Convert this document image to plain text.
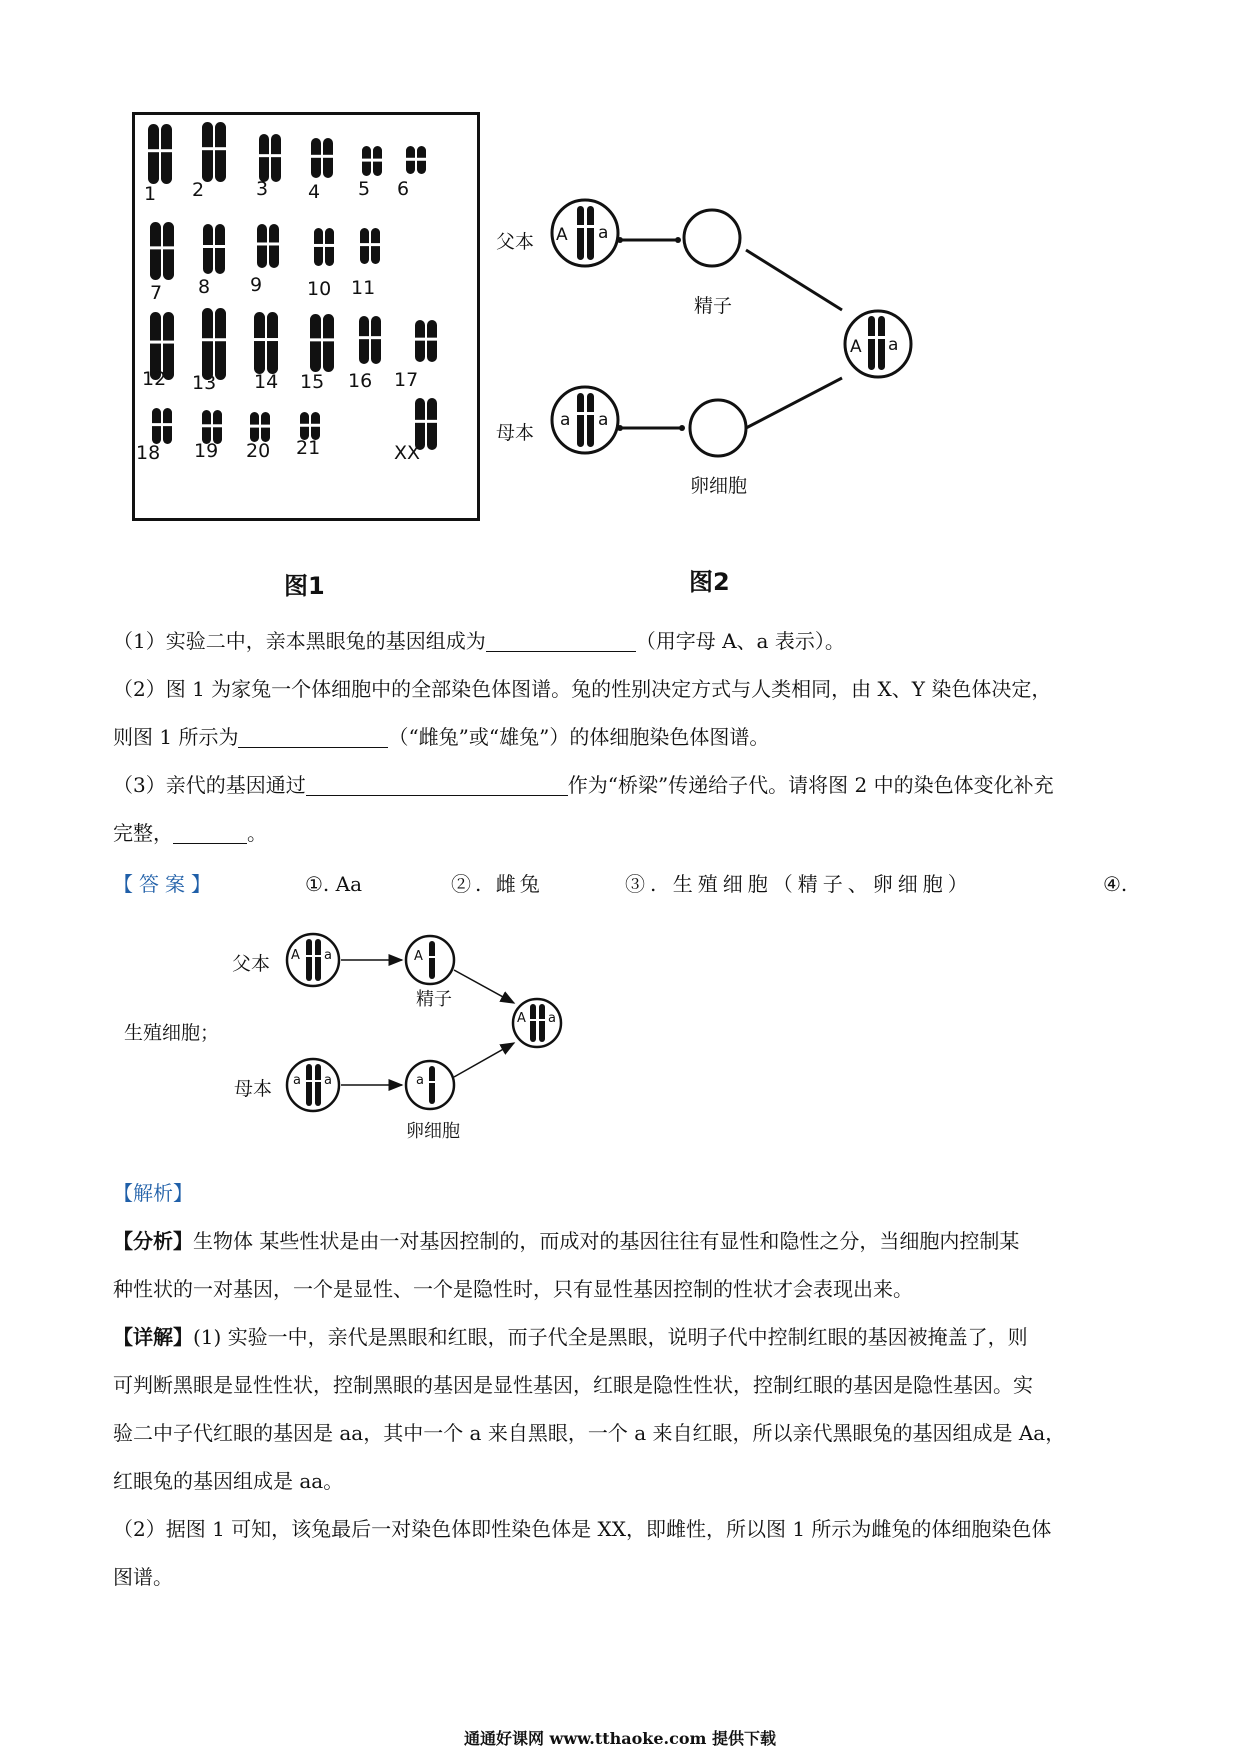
1 2	3 4 5 6
7 8 9 10 11
12 13 14 15 16 17
18 19 20 21	XX
图1
A a
A a
a a
父本
母本
精子
卵细胞
图2
（1）实验二中，亲本黑眼兔的基因组成为	（用字母 A、a 表示）。
（2）图 1 为家兔一个体细胞中的全部染色体图谱。兔的性别决定方式与人类相同，由 X、Y 染色体决定，
则图 1 所示为	（“雌兔”或“雄兔”）的体细胞染色体图谱。
（3）亲代的基因通过	作为“桥梁”传递给子代。请将图 2 中的染色体变化补充
完整，	。
【答案】	①. Aa	②. 雌兔	③. 生殖细胞（精子、卵细胞）	④.
父本
生殖细胞；
母本
精子
卵细胞
A a	A
A a
a a	a
【解析】
【分析】生物体 某些性状是由一对基因控制的，而成对的基因往往有显性和隐性之分，当细胞内控制某
种性状的一对基因，一个是显性、一个是隐性时，只有显性基因控制的性状才会表现出来。
【详解】(1) 实验一中，亲代是黑眼和红眼，而子代全是黑眼，说明子代中控制红眼的基因被掩盖了，则
可判断黑眼是显性性状，控制黑眼的基因是显性基因，红眼是隐性性状，控制红眼的基因是隐性基因。实
验二中子代红眼的基因是 aa，其中一个 a 来自黑眼，一个 a 来自红眼，所以亲代黑眼兔的基因组成是 Aa，
红眼兔的基因组成是 aa。
（2）据图 1 可知，该兔最后一对染色体即性染色体是 XX，即雌性，所以图 1 所示为雌兔的体细胞染色体
图谱。
通通好课网 www.tthaoke.com 提供下载
